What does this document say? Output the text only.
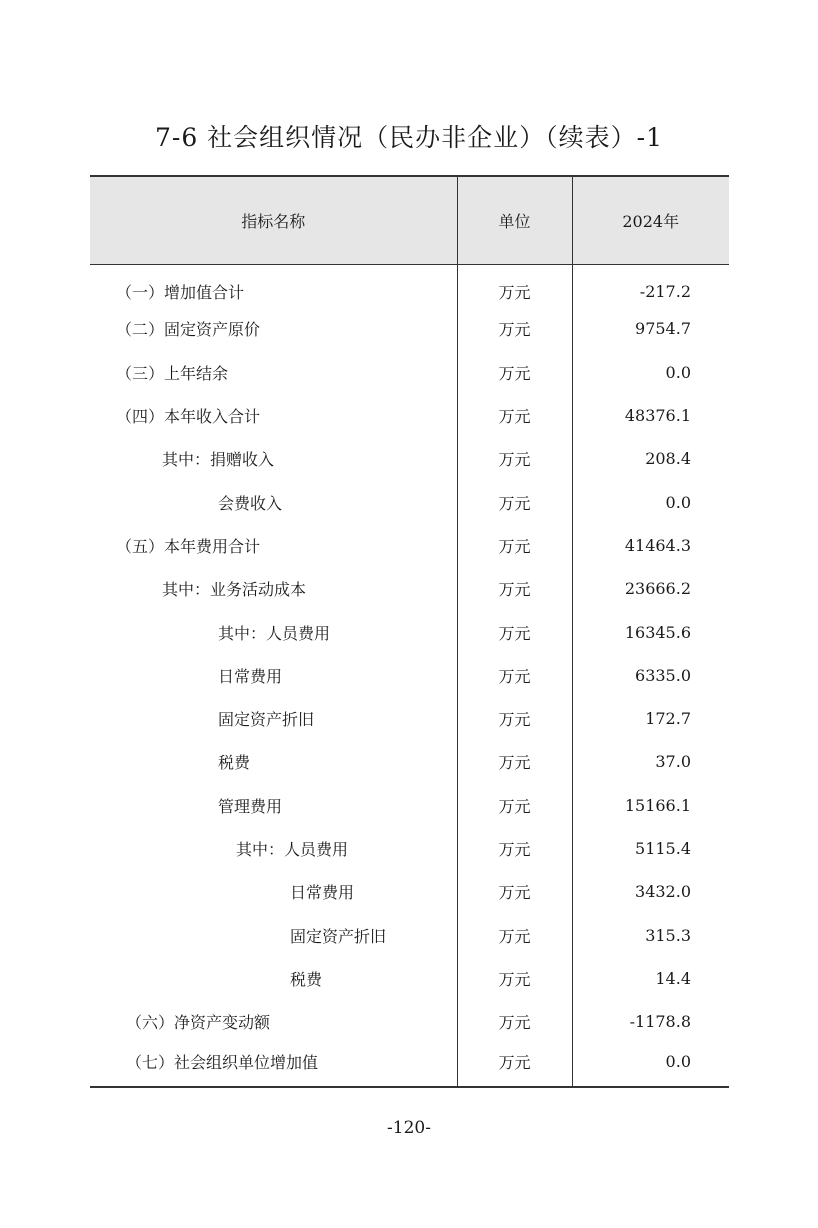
7-6 社会组织情况（民办非企业）（续表）-1
指标名称	单位	2024年
（一）增加值合计	万元	-217.2
（二）固定资产原价	万元	9754.7
（三）上年结余	万元	0.0
（四）本年收入合计	万元	48376.1
其中：捐赠收入	万元	208.4
会费收入	万元	0.0
（五）本年费用合计	万元	41464.3
其中：业务活动成本	万元	23666.2
其中：人员费用	万元	16345.6
日常费用	万元	6335.0
固定资产折旧	万元	172.7
税费	万元	37.0
管理费用	万元	15166.1
其中：人员费用	万元	5115.4
日常费用	万元	3432.0
固定资产折旧	万元	315.3
税费	万元	14.4
（六）净资产变动额	万元	-1178.8
（七）社会组织单位增加值	万元	0.0
-120-
